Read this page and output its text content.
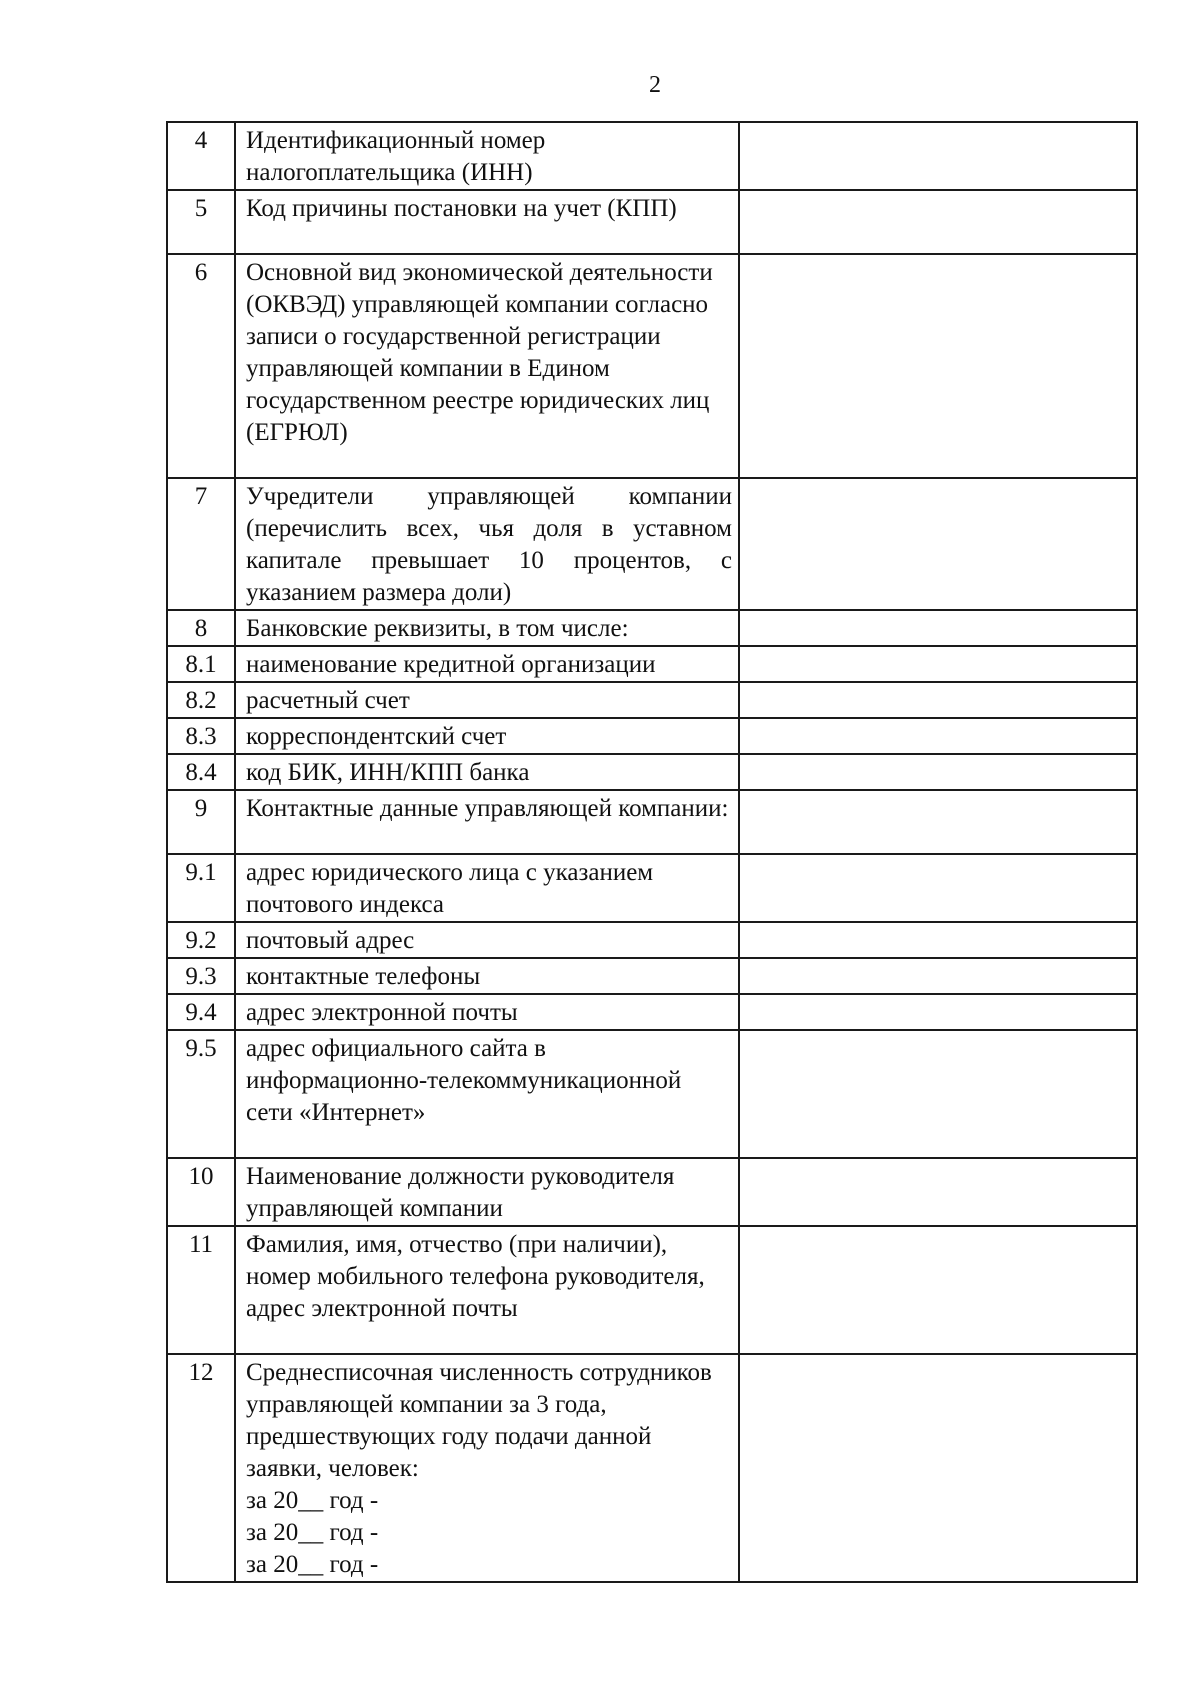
2
4	Идентификационный номер налогоплательщика (ИНН)	
5	Код причины постановки на учет (КПП)	
6	Основной вид экономической деятельности (ОКВЭД) управляющей компании согласно записи о государственной регистрации управляющей компании в Едином государственном реестре юридических лиц (ЕГРЮЛ)	
7	Учредители управляющей компании (перечислить всех, чья доля в уставном капитале превышает 10 процентов, с указанием размера доли)	
8	Банковские реквизиты, в том числе:	
8.1	наименование кредитной организации	
8.2	расчетный счет	
8.3	корреспондентский счет	
8.4	код БИК, ИНН/КПП банка	
9	Контактные данные управляющей компании:	
9.1	адрес юридического лица с указанием почтового индекса	
9.2	почтовый адрес	
9.3	контактные телефоны	
9.4	адрес электронной почты	
9.5	адрес официального сайта в информационно-телекоммуникационной сети «Интернет»	
10	Наименование должности руководителя управляющей компании	
11	Фамилия, имя, отчество (при наличии), номер мобильного телефона руководителя, адрес электронной почты	
12	Среднесписочная численность сотрудников управляющей компании за 3 года, предшествующих году подачи данной заявки, человек:
за 20__ год -
за 20__ год -
за 20__ год -	
